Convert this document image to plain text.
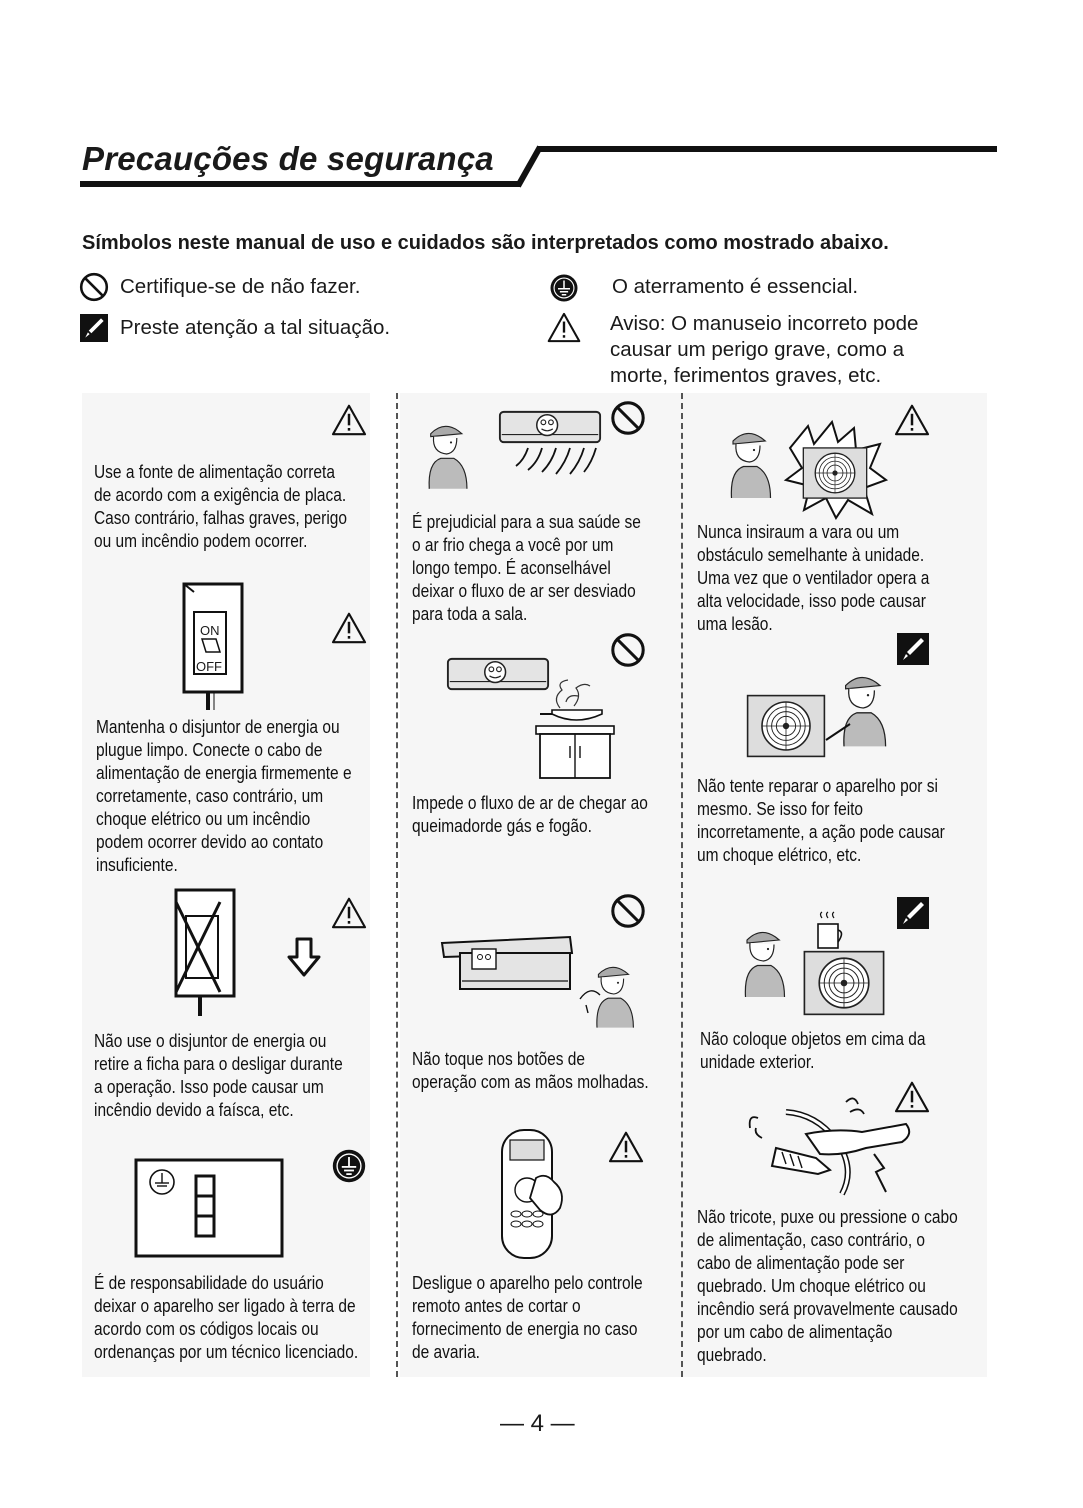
Precauções de segurança
Símbolos neste manual de uso e cuidados são interpretados como mostrado abaixo.
Certifique-se de não fazer.
Preste atenção a tal situação.
O aterramento é essencial.
Aviso: O manuseio incorreto pode
causar um perigo grave, como a
morte, ferimentos graves, etc.
Use a fonte de alimentação correta
de acordo com a exigência de placa.
Caso contrário, falhas graves, perigo
ou um incêndio podem ocorrer.
ON
OFF
Mantenha o disjuntor de energia ou
plugue limpo. Conecte o cabo de
alimentação de energia firmemente e
corretamente, caso contrário, um
choque elétrico ou um incêndio
podem ocorrer devido ao contato
insuficiente.
Não use o disjuntor de energia ou
retire a ficha para o desligar durante
a operação. Isso pode causar um
incêndio devido a faísca, etc.
É de responsabilidade do usuário
deixar o aparelho ser ligado à terra de
acordo com os códigos locais ou
ordenanças por um técnico licenciado.
É prejudicial para a sua saúde se
o ar frio chega a você por um
longo tempo. É aconselhável
deixar o fluxo de ar ser desviado
para toda a sala.
Impede o fluxo de ar de chegar ao
queimadorde gás e fogão.
Não toque nos botões de
operação com as mãos molhadas.
Desligue o aparelho pelo controle
remoto antes de cortar o
fornecimento de energia no caso
de avaria.
Nunca insiraum a vara ou um
obstáculo semelhante à unidade.
Uma vez que o ventilador opera a
alta velocidade, isso pode causar
uma lesão.
Não tente reparar o aparelho por si
mesmo. Se isso for feito
incorretamente, a ação pode causar
um choque elétrico, etc.
Não coloque objetos em cima da
unidade exterior.
Não tricote, puxe ou pressione o cabo
de alimentação, caso contrário, o
cabo de alimentação pode ser
quebrado. Um choque elétrico ou
incêndio será provavelmente causado
por um cabo de alimentação
quebrado.
— 4 —
